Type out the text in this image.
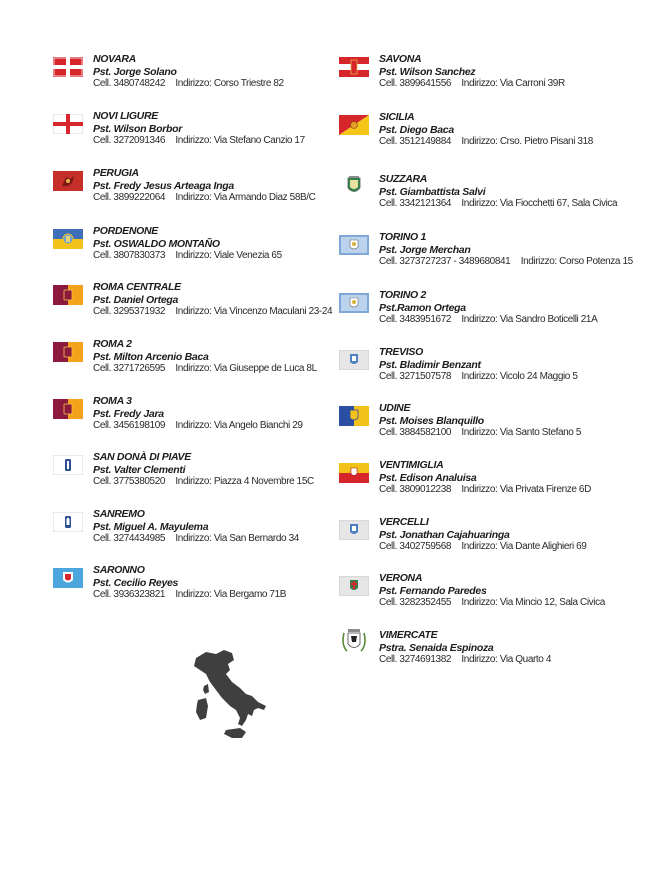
NOVARA
Pst. Jorge Solano
Cell. 3480748242 Indirizzo: Corso Triestre 82
NOVI LIGURE
Pst. Wilson Borbor
Cell. 3272091346 Indirizzo: Via Stefano Canzio 17
PERUGIA
Pst. Fredy Jesus Arteaga Inga
Cell. 3899222064 Indirizzo: Via Armando Diaz 58B/C
PORDENONE
Pst. OSWALDO MONTAÑO
Cell. 3807830373 Indirizzo: Viale Venezia 65
ROMA CENTRALE
Pst. Daniel Ortega
Cell. 3295371932 Indirizzo: Via Vincenzo Maculani 23-24
ROMA 2
Pst. Milton Arcenio Baca
Cell. 3271726595 Indirizzo: Via Giuseppe de Luca 8L
ROMA 3
Pst. Fredy Jara
Cell. 3456198109 Indirizzo: Via Angelo Bianchi 29
SAN DONÀ DI PIAVE
Pst. Valter Clementi
Cell. 3775380520 Indirizzo: Piazza 4 Novembre 15C
SANREMO
Pst. Miguel A. Mayulema
Cell. 3274434985 Indirizzo: Via San Bernardo 34
SARONNO
Pst. Cecilio Reyes
Cell. 3936323821 Indirizzo: Via Bergamo 71B
SAVONA
Pst. Wilson Sanchez
Cell. 3899641556 Indirizzo: Via Carroni 39R
SICILIA
Pst. Diego Baca
Cell. 3512149884 Indirizzo: Crso. Pietro Pisani 318
SUZZARA
Pst. Giambattista Salvi
Cell. 3342121364 Indirizzo: Via Fiocchetti 67, Sala Civica
TORINO 1
Pst. Jorge Merchan
Cell. 3273727237 - 3489680841 Indirizzo: Corso Potenza 15
TORINO 2
Pst.Ramon Ortega
Cell. 3483951672 Indirizzo: Via Sandro Boticelli 21A
TREVISO
Pst. Bladimir Benzant
Cell. 3271507578 Indirizzo: Vicolo 24 Maggio 5
UDINE
Pst. Moises Blanquillo
Cell. 3884582100 Indirizzo: Via Santo Stefano 5
VENTIMIGLIA
Pst. Edison Analuisa
Cell. 3809012238 Indirizzo: Via Privata Firenze 6D
VERCELLI
Pst. Jonathan Cajahuaringa
Cell. 3402759568 Indirizzo: Via Dante Alighieri 69
VERONA
Pst. Fernando Paredes
Cell. 3282352455 Indirizzo: Via Mincio 12, Sala Civica
VIMERCATE
Pstra. Senaida Espinoza
Cell. 3274691382 Indirizzo: Via Quarto 4
